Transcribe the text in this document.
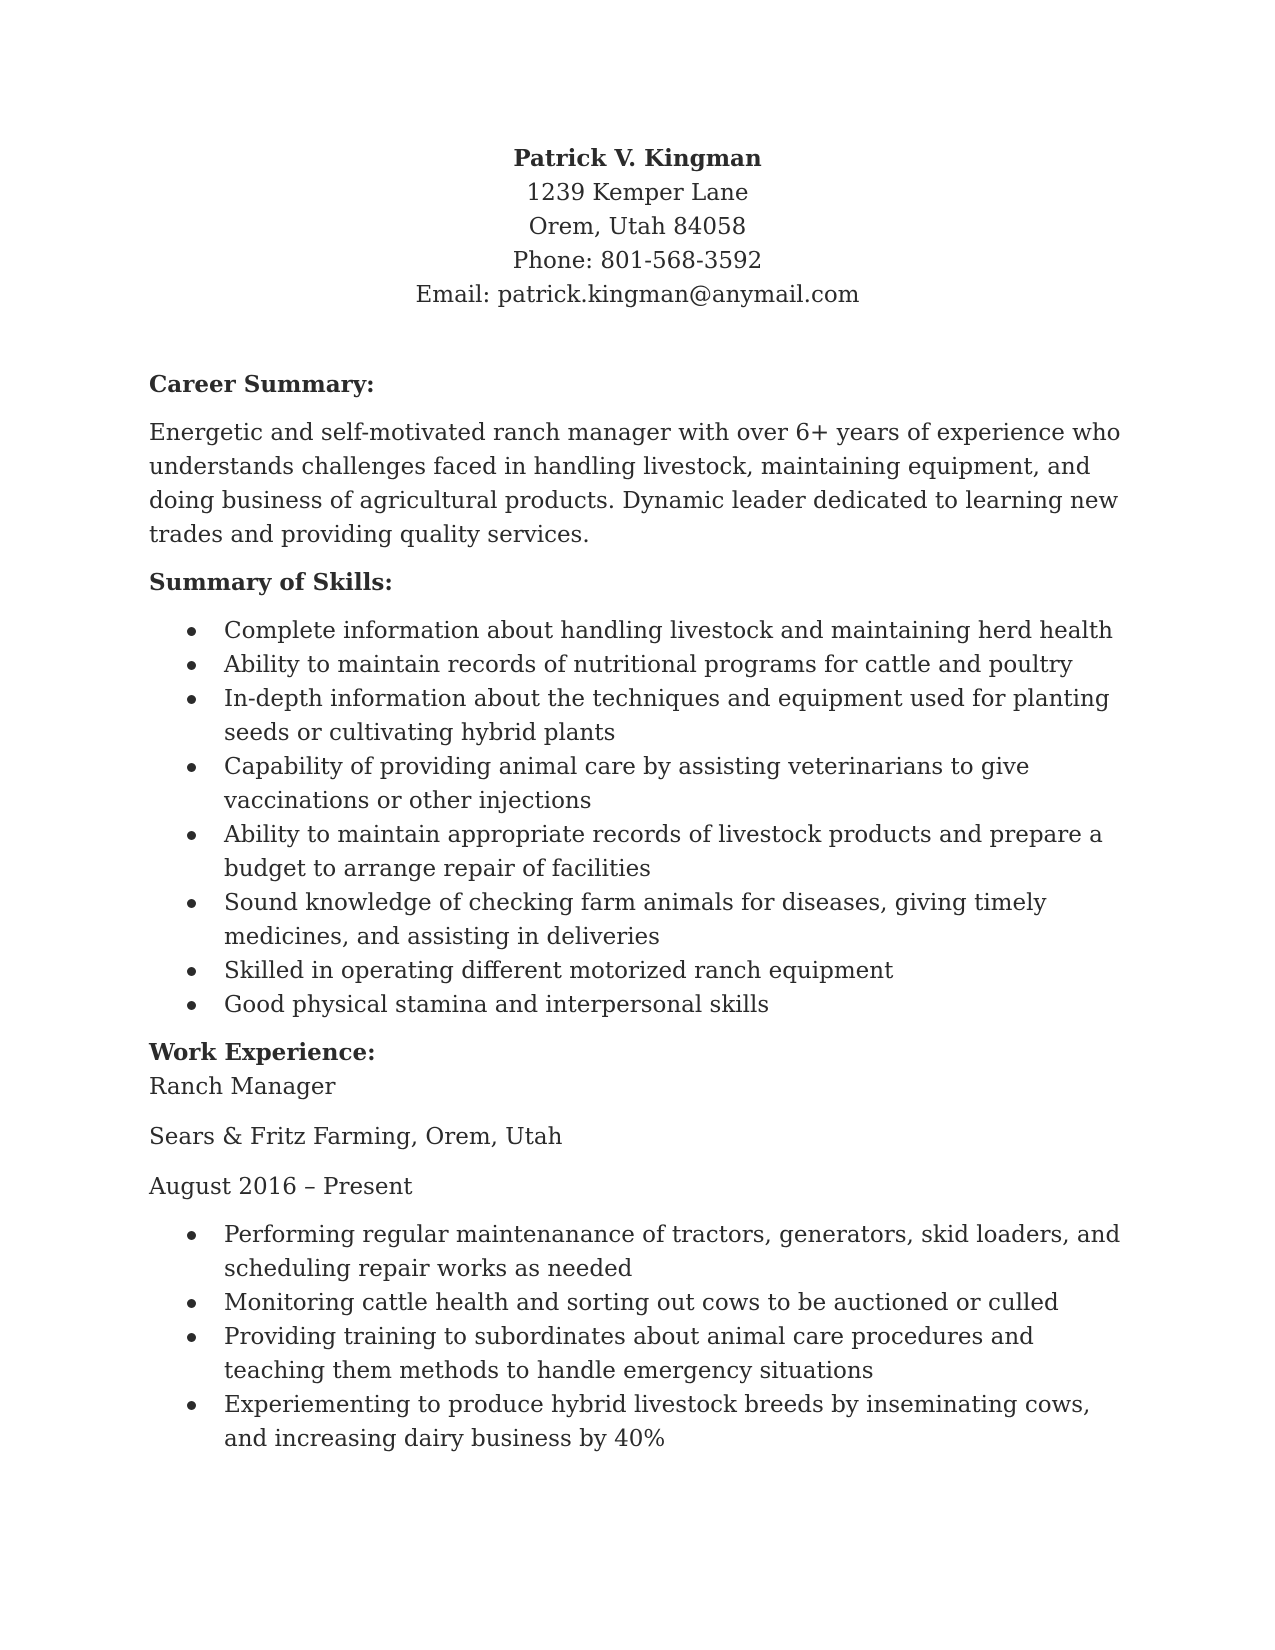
Patrick V. Kingman
1239 Kemper Lane
Orem, Utah 84058
Phone: 801-568-3592
Email: patrick.kingman@anymail.com

Career Summary:

Energetic and self-motivated ranch manager with over 6+ years of experience who understands challenges faced in handling livestock, maintaining equipment, and doing business of agricultural products. Dynamic leader dedicated to learning new trades and providing quality services.

Summary of Skills:

Complete information about handling livestock and maintaining herd health
Ability to maintain records of nutritional programs for cattle and poultry
In-depth information about the techniques and equipment used for planting seeds or cultivating hybrid plants
Capability of providing animal care by assisting veterinarians to give vaccinations or other injections
Ability to maintain appropriate records of livestock products and prepare a budget to arrange repair of facilities
Sound knowledge of checking farm animals for diseases, giving timely medicines, and assisting in deliveries
Skilled in operating different motorized ranch equipment
Good physical stamina and interpersonal skills

Work Experience:

Ranch Manager

Sears & Fritz Farming, Orem, Utah

August 2016 – Present

Performing regular maintenanance of tractors, generators, skid loaders, and scheduling repair works as needed
Monitoring cattle health and sorting out cows to be auctioned or culled
Providing training to subordinates about animal care procedures and teaching them methods to handle emergency situations
Experiementing to produce hybrid livestock breeds by inseminating cows, and increasing dairy business by 40%
